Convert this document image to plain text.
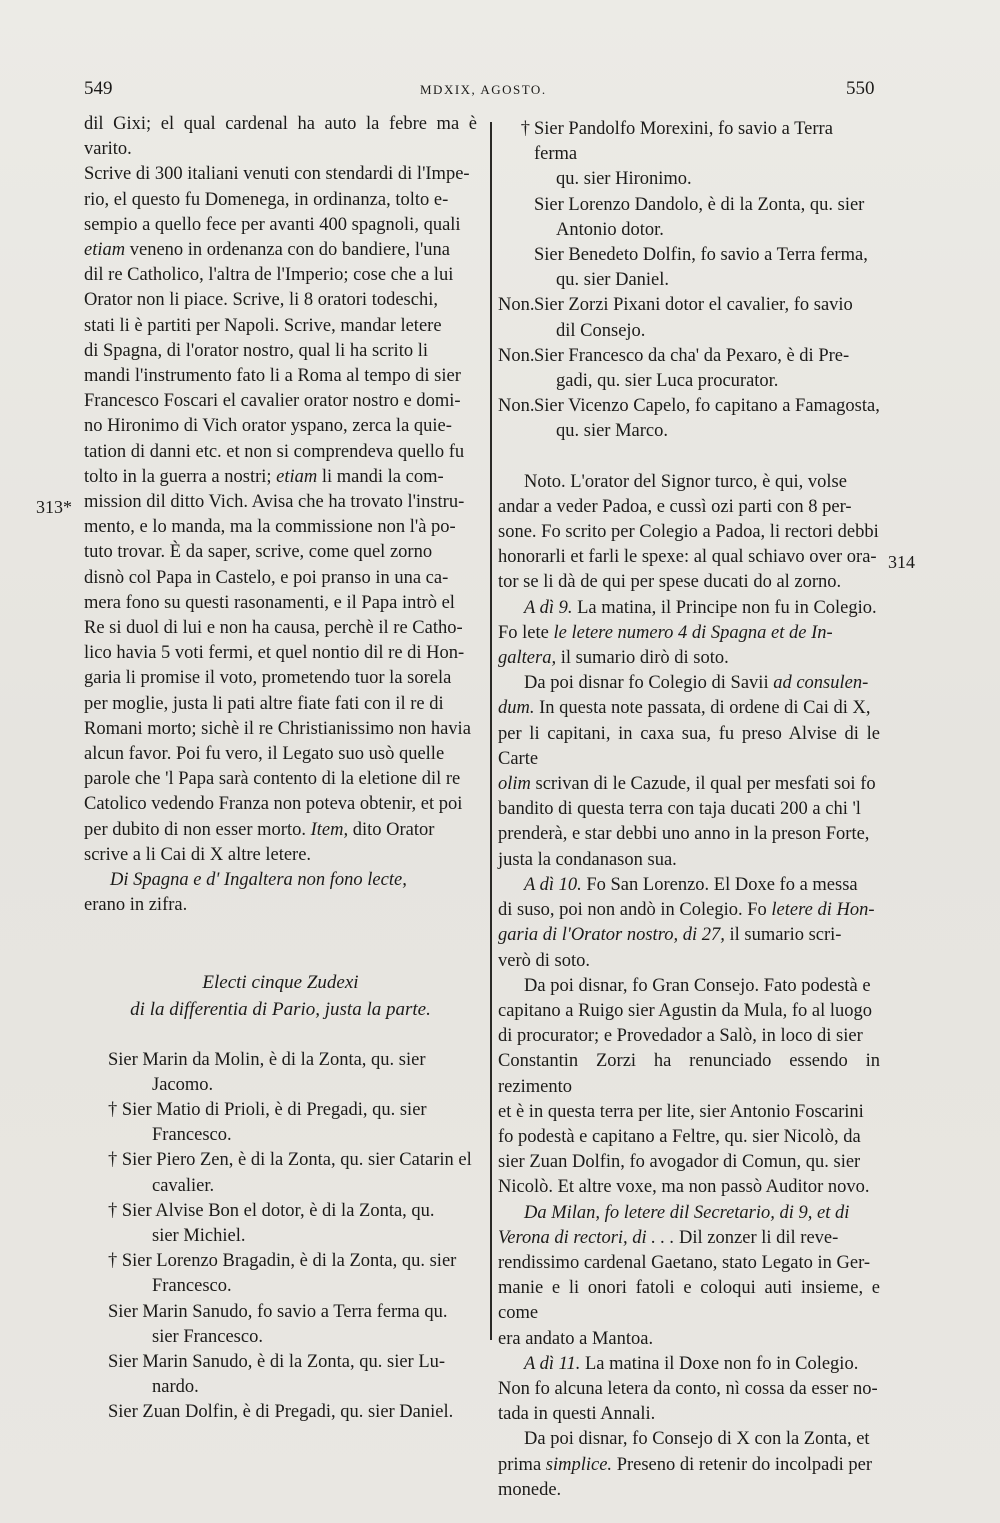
549	MDXIX, AGOSTO.	550
313*
314

dil Gixi; el qual cardenal ha auto la febre ma è varito.
Scrive di 300 italiani venuti con stendardi di l'Impe-
rio, el questo fu Domenega, in ordinanza, tolto e-
sempio a quello fece per avanti 400 spagnoli, quali
etiam veneno in ordenanza con do bandiere, l'una
dil re Catholico, l'altra de l'Imperio; cose che a lui
Orator non li piace. Scrive, li 8 oratori todeschi,
stati li è partiti per Napoli. Scrive, mandar letere
di Spagna, di l'orator nostro, qual li ha scrito li
mandi l'instrumento fato li a Roma al tempo di sier
Francesco Foscari el cavalier orator nostro e domi-
no Hironimo di Vich orator yspano, zerca la quie-
tation di danni etc. et non si comprendeva quello fu
tolto in la guerra a nostri; etiam li mandi la com-
mission dil ditto Vich. Avisa che ha trovato l'instru-
mento, e lo manda, ma la commissione non l'à po-
tuto trovar. È da saper, scrive, come quel zorno
disnò col Papa in Castelo, e poi pranso in una ca-
mera fono su questi rasonamenti, e il Papa intrò el
Re si duol di lui e non ha causa, perchè il re Catho-
lico havia 5 voti fermi, et quel nontio dil re di Hon-
garia li promise il voto, prometendo tuor la sorela
per moglie, justa li pati altre fiate fati con il re di
Romani morto; sichè il re Christianissimo non havia
alcun favor. Poi fu vero, il Legato suo usò quelle
parole che 'l Papa sarà contento di la eletione dil re
Catolico vedendo Franza non poteva obtenir, et poi
per dubito di non esser morto. Item, dito Orator
scrive a li Cai di X altre letere.

Di Spagna e d' Ingaltera non fono lecte,
erano in zifra.

Electi cinque Zudexi
di la differentia di Pario, justa la parte.

Sier Marin da Molin, è di la Zonta, qu. sier
Jacomo.

† Sier Matio di Prioli, è di Pregadi, qu. sier
Francesco.

† Sier Piero Zen, è di la Zonta, qu. sier Catarin el
cavalier.

† Sier Alvise Bon el dotor, è di la Zonta, qu.
sier Michiel.

† Sier Lorenzo Bragadin, è di la Zonta, qu. sier
Francesco.

Sier Marin Sanudo, fo savio a Terra ferma qu.
sier Francesco.

Sier Marin Sanudo, è di la Zonta, qu. sier Lu-
nardo.

Sier Zuan Dolfin, è di Pregadi, qu. sier Daniel.

† Sier Pandolfo Morexini, fo savio a Terra ferma
qu. sier Hironimo.

Sier Lorenzo Dandolo, è di la Zonta, qu. sier
Antonio dotor.

Sier Benedeto Dolfin, fo savio a Terra ferma,
qu. sier Daniel.

Non.Sier Zorzi Pixani dotor el cavalier, fo savio
dil Consejo.

Non.Sier Francesco da cha' da Pexaro, è di Pre-
gadi, qu. sier Luca procurator.

Non.Sier Vicenzo Capelo, fo capitano a Famagosta,
qu. sier Marco.

Noto. L'orator del Signor turco, è qui, volse
andar a veder Padoa, e cussì ozi parti con 8 per-
sone. Fo scrito per Colegio a Padoa, li rectori debbi
honorarli et farli le spexe: al qual schiavo over ora-
tor se li dà de qui per spese ducati do al zorno.

A dì 9. La matina, il Principe non fu in Colegio.
Fo lete le letere numero 4 di Spagna et de In-
galtera, il sumario dirò di soto.

Da poi disnar fo Colegio di Savii ad consulen-
dum. In questa note passata, di ordene di Cai di X,
per li capitani, in caxa sua, fu preso Alvise di le Carte
olim scrivan di le Cazude, il qual per mesfati soi fo
bandito di questa terra con taja ducati 200 a chi 'l
prenderà, e star debbi uno anno in la preson Forte,
justa la condanason sua.

A dì 10. Fo San Lorenzo. El Doxe fo a messa
di suso, poi non andò in Colegio. Fo letere di Hon-
garia di l'Orator nostro, di 27, il sumario scri-
verò di soto.

Da poi disnar, fo Gran Consejo. Fato podestà e
capitano a Ruigo sier Agustin da Mula, fo al luogo
di procurator; e Provedador a Salò, in loco di sier
Constantin Zorzi ha renunciado essendo in rezimento
et è in questa terra per lite, sier Antonio Foscarini
fo podestà e capitano a Feltre, qu. sier Nicolò, da
sier Zuan Dolfin, fo avogador di Comun, qu. sier
Nicolò. Et altre voxe, ma non passò Auditor novo.

Da Milan, fo letere dil Secretario, di 9, et di
Verona di rectori, di . . . Dil zonzer li dil reve-
rendissimo cardenal Gaetano, stato Legato in Ger-
manie e li onori fatoli e coloqui auti insieme, e come
era andato a Mantoa.

A dì 11. La matina il Doxe non fo in Colegio.
Non fo alcuna letera da conto, nì cossa da esser no-
tada in questi Annali.

Da poi disnar, fo Consejo di X con la Zonta, et
prima simplice. Preseno di retenir do incolpadi per
monede.
